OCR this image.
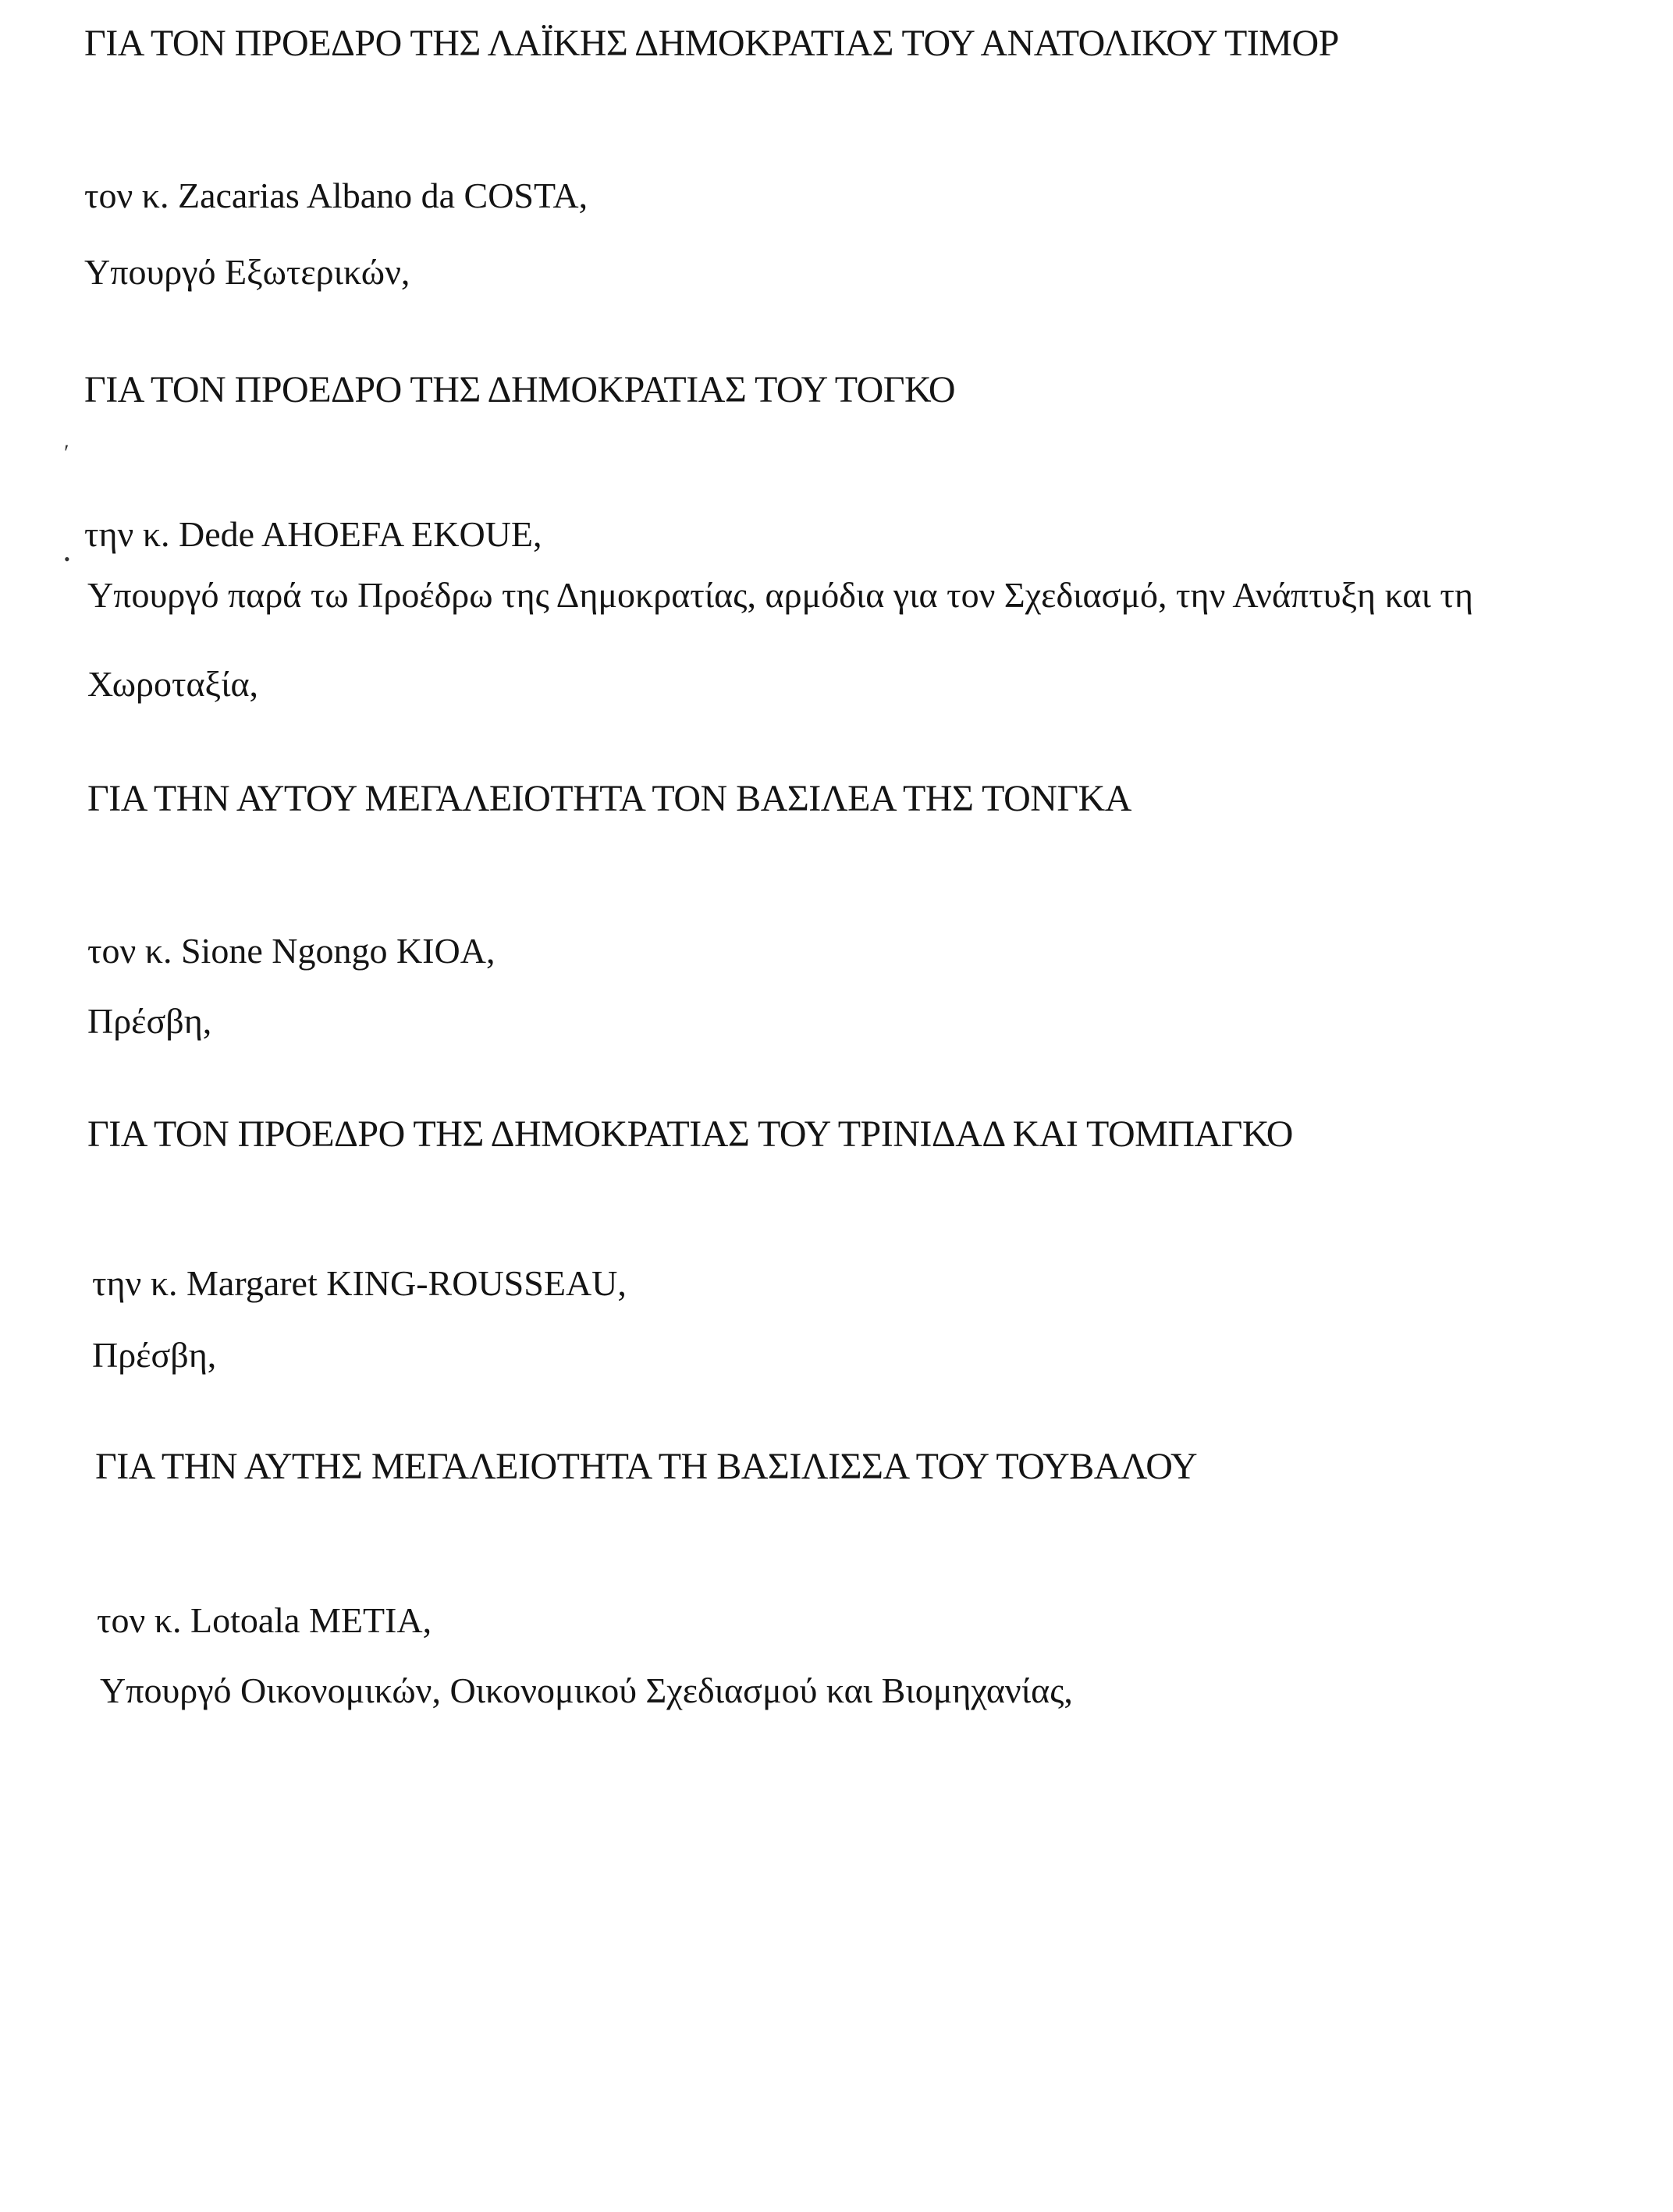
ΓΙΑ ΤΟΝ ΠΡΟΕΔΡΟ ΤΗΣ ΛΑΪΚΗΣ ΔΗΜΟΚΡΑΤΙΑΣ ΤΟΥ ΑΝΑΤΟΛΙΚΟΥ ΤΙΜΟΡ
τον κ. Zacarias Albano da COSTA,
Υπουργό Εξωτερικών,
ΓΙΑ ΤΟΝ ΠΡΟΕΔΡΟ ΤΗΣ ΔΗΜΟΚΡΑΤΙΑΣ ΤΟΥ ΤΟΓΚΟ
′
την κ. Dede AHOEFA EKOUE,
•
Υπουργό παρά τω Προέδρω της Δημοκρατίας, αρμόδια για τον Σχεδιασμό, την Ανάπτυξη και τη
Χωροταξία,
ΓΙΑ ΤΗΝ ΑΥΤΟΥ ΜΕΓΑΛΕΙΟΤΗΤΑ ΤΟΝ ΒΑΣΙΛΕΑ ΤΗΣ ΤΟΝΓΚΑ
τον κ. Sione Ngongo KIOA,
Πρέσβη,
ΓΙΑ ΤΟΝ ΠΡΟΕΔΡΟ ΤΗΣ ΔΗΜΟΚΡΑΤΙΑΣ ΤΟΥ ΤΡΙΝΙΔΑΔ ΚΑΙ ΤΟΜΠΑΓΚΟ
την κ. Margaret KING-ROUSSEAU,
Πρέσβη,
ΓΙΑ ΤΗΝ ΑΥΤΗΣ ΜΕΓΑΛΕΙΟΤΗΤΑ ΤΗ ΒΑΣΙΛΙΣΣΑ ΤΟΥ ΤΟΥΒΑΛΟΥ
τον κ. Lotoala METIA,
Υπουργό Οικονομικών, Οικονομικού Σχεδιασμού και Βιομηχανίας,
